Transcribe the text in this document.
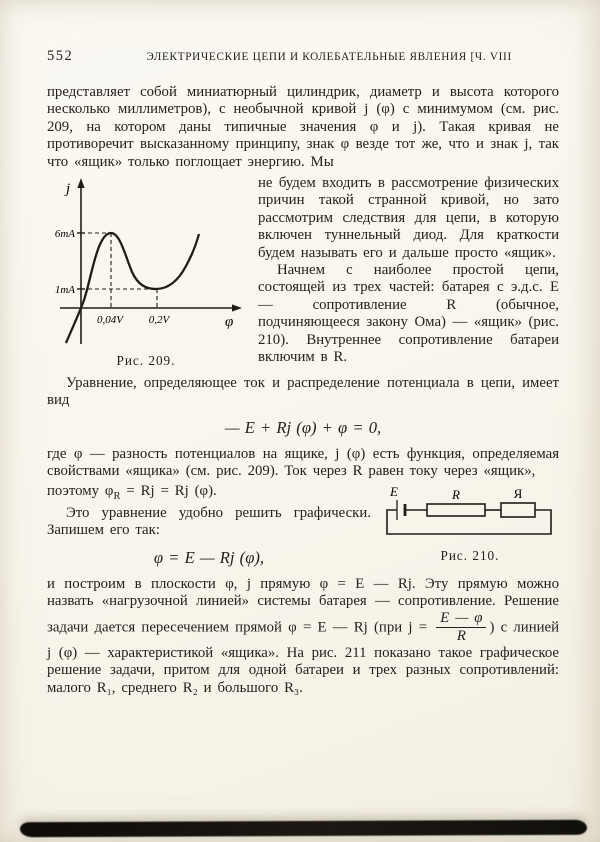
552	ЭЛЕКТРИЧЕСКИЕ ЦЕПИ И КОЛЕБАТЕЛЬНЫЕ ЯВЛЕНИЯ [Ч. VIII

представляет собой миниатюрный цилиндрик, диаметр и высота которого несколько миллиметров), с необычной кривой j (φ) с минимумом (см. рис. 209, на котором даны типичные значения φ и j). Такая кривая не противоречит высказанному принципу, знак φ везде тот же, что и знак j, так что «ящик» только поглощает энергию. Мы

j
φ
6mA
1mA
0,04V 0,2V
Рис. 209.

не будем входить в рассмотрение физических причин такой странной кривой, но зато рассмотрим следствия для цепи, в которую включен туннельный диод. Для краткости будем называть его и дальше просто «ящик».

Начнем с наиболее простой цепи, состоящей из трех частей: батарея с э.д.с. E — сопротивление R (обычное, подчиняющееся закону Ома) — «ящик» (рис. 210). Внутреннее сопротивление батареи включим в R.

Уравнение, определяющее ток и распределение потенциала в цепи, имеет вид

— E + Rj (φ) + φ = 0,

где φ — разность потенциалов на ящике, j (φ) есть функция, определяемая свойствами «ящика» (см. рис. 209). Ток через R равен току через «ящик»,

поэтому $\varphi_R = Rj = Rj$ (φ).

Это уравнение удобно решить графически. Запишем его так:

φ = E — Rj (φ),
E	R	Я
Рис. 210.

и построим в плоскости φ, j прямую φ = E — Rj. Эту прямую можно назвать «нагрузочной линией» системы батарея — сопротивление. Решение задачи дается пересечением прямой φ = E — Rj (при $j = \frac{E — \varphi}{R}$ ) с линией j (φ) — характеристикой «ящика». На рис. 211 показано такое графическое решение задачи, притом для одной батареи и трех разных сопротивлений: малого R₁, среднего R₂ и большого R₃.
